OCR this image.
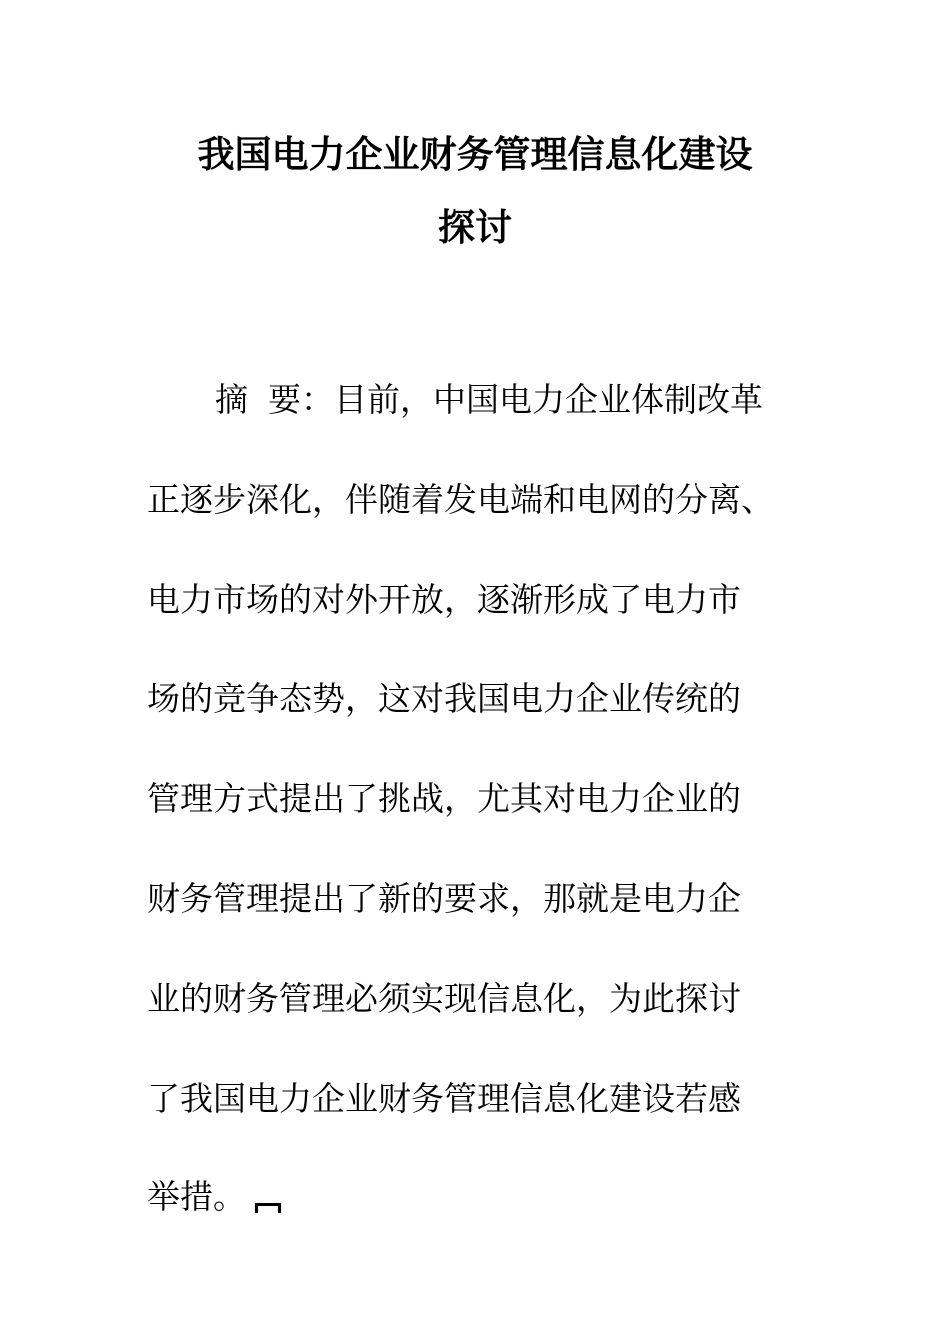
我国电力企业财务管理信息化建设
探讨
摘 要：目前，中国电力企业体制改革
正逐步深化，伴随着发电端和电网的分离、
电力市场的对外开放，逐渐形成了电力市
场的竞争态势，这对我国电力企业传统的
管理方式提出了挑战，尤其对电力企业的
财务管理提出了新的要求，那就是电力企
业的财务管理必须实现信息化，为此探讨
了我国电力企业财务管理信息化建设若感
举措。
